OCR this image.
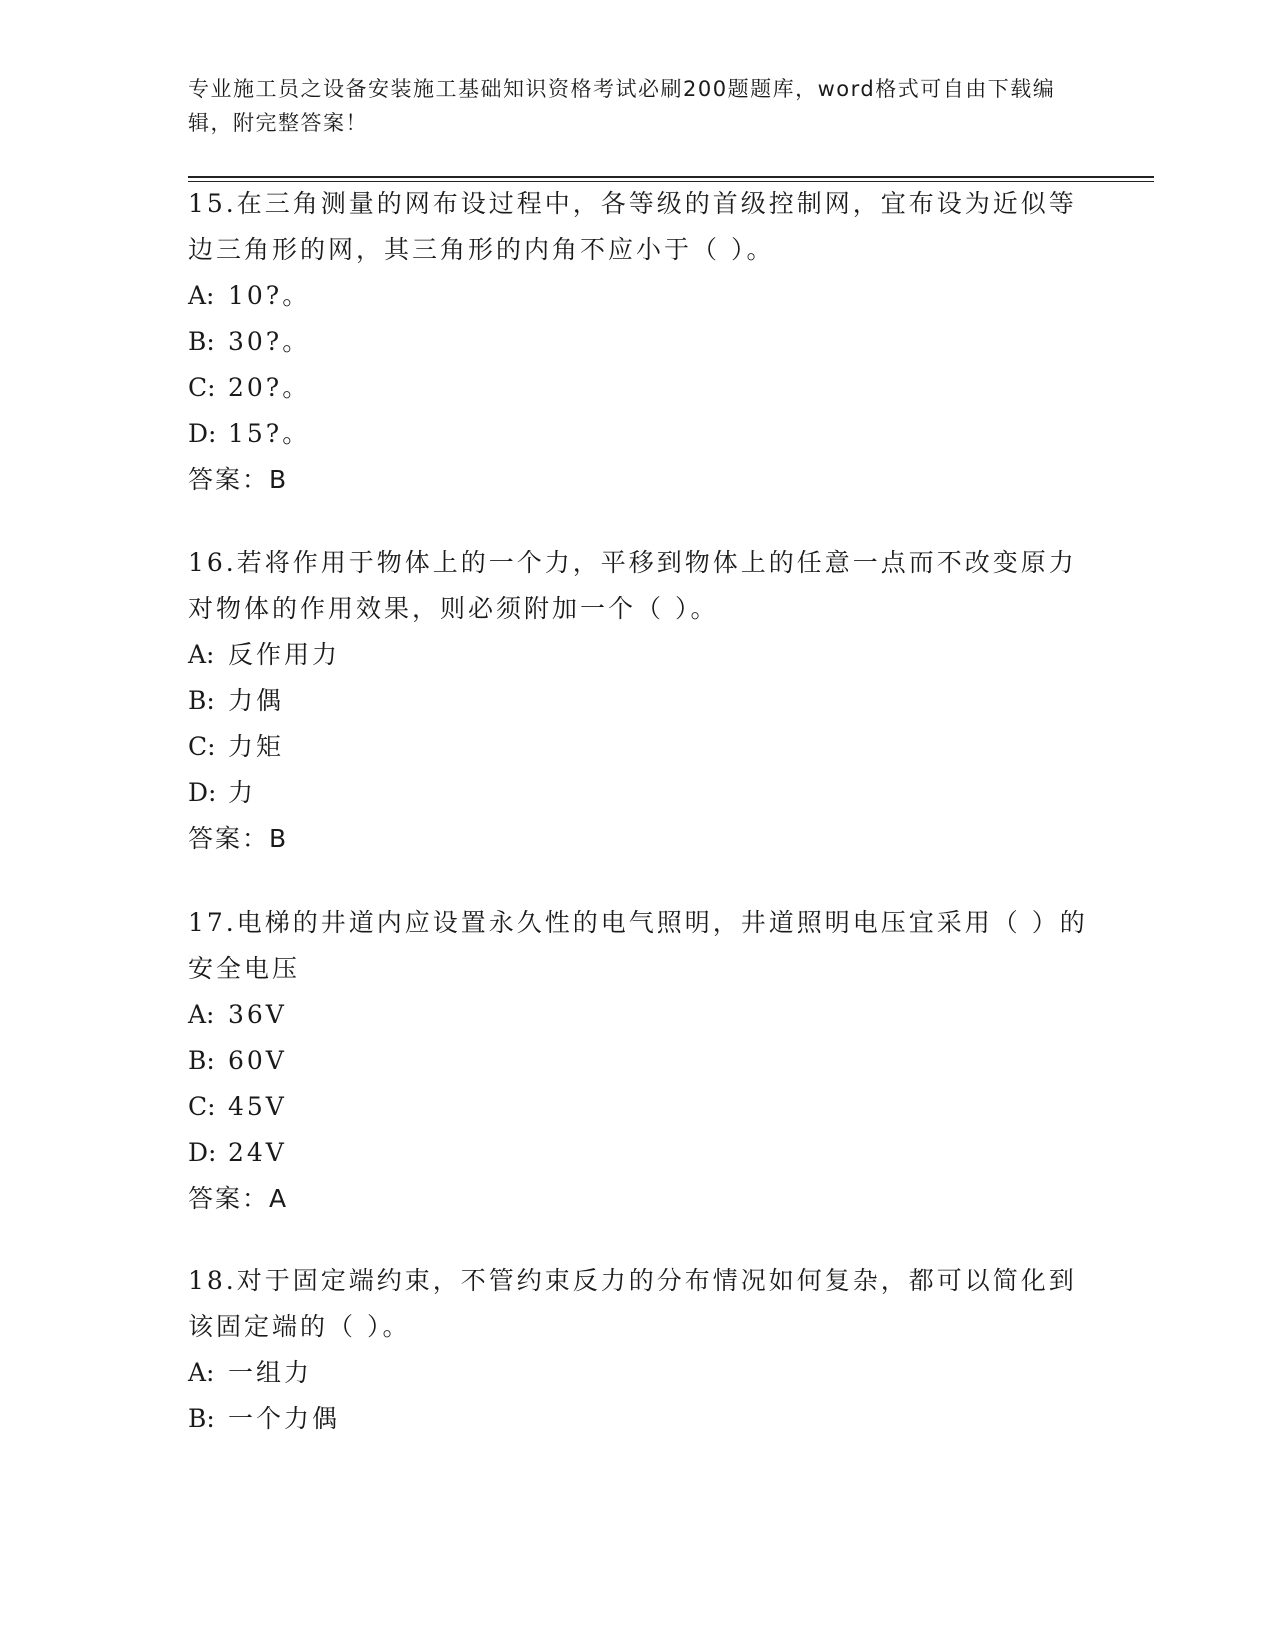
专业施工员之设备安装施工基础知识资格考试必刷200题题库，word格式可自由下载编辑，附完整答案！
15.在三角测量的网布设过程中，各等级的首级控制网，宜布设为近似等边三角形的网，其三角形的内角不应小于（ ）。
A: 10?。
B: 30?。
C: 20?。
D: 15?。
答案：B
16.若将作用于物体上的一个力，平移到物体上的任意一点而不改变原力对物体的作用效果，则必须附加一个（ ）。
A: 反作用力
B: 力偶
C: 力矩
D: 力
答案：B
17.电梯的井道内应设置永久性的电气照明，井道照明电压宜采用（ ）的安全电压
A: 36V
B: 60V
C: 45V
D: 24V
答案：A
18.对于固定端约束，不管约束反力的分布情况如何复杂，都可以简化到该固定端的（ ）。
A: 一组力
B: 一个力偶
